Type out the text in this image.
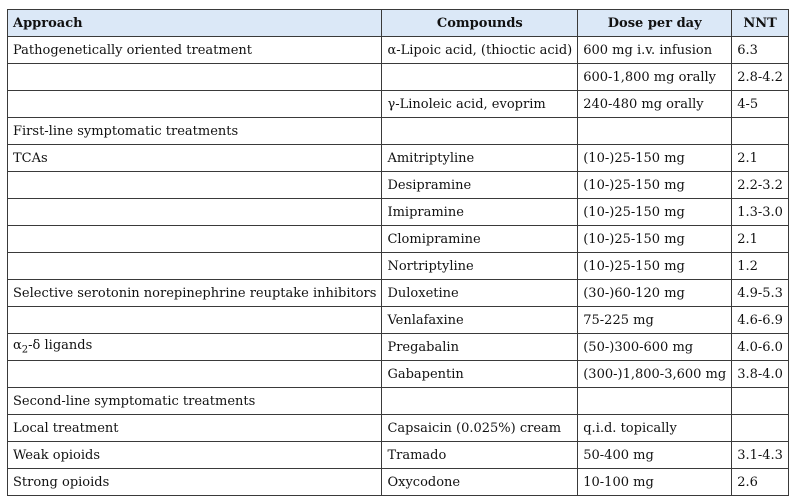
Approach	Compounds	Dose per day	NNT
Pathogenetically oriented treatment	α-Lipoic acid, (thioctic acid)	600 mg i.v. infusion	6.3
		600-1,800 mg orally	2.8-4.2
	γ-Linoleic acid, evoprim	240-480 mg orally	4-5
First-line symptomatic treatments			
TCAs	Amitriptyline	(10-)25-150 mg	2.1
	Desipramine	(10-)25-150 mg	2.2-3.2
	Imipramine	(10-)25-150 mg	1.3-3.0
	Clomipramine	(10-)25-150 mg	2.1
	Nortriptyline	(10-)25-150 mg	1.2
Selective serotonin norepinephrine reuptake inhibitors	Duloxetine	(30-)60-120 mg	4.9-5.3
	Venlafaxine	75-225 mg	4.6-6.9
$\alpha_2-\delta$ ligands	Pregabalin	(50-)300-600 mg	4.0-6.0
	Gabapentin	(300-)1,800-3,600 mg	3.8-4.0
Second-line symptomatic treatments			
Local treatment	Capsaicin (0.025%) cream	q.i.d. topically	
Weak opioids	Tramado	50-400 mg	3.1-4.3
Strong opioids	Oxycodone	10-100 mg	2.6
